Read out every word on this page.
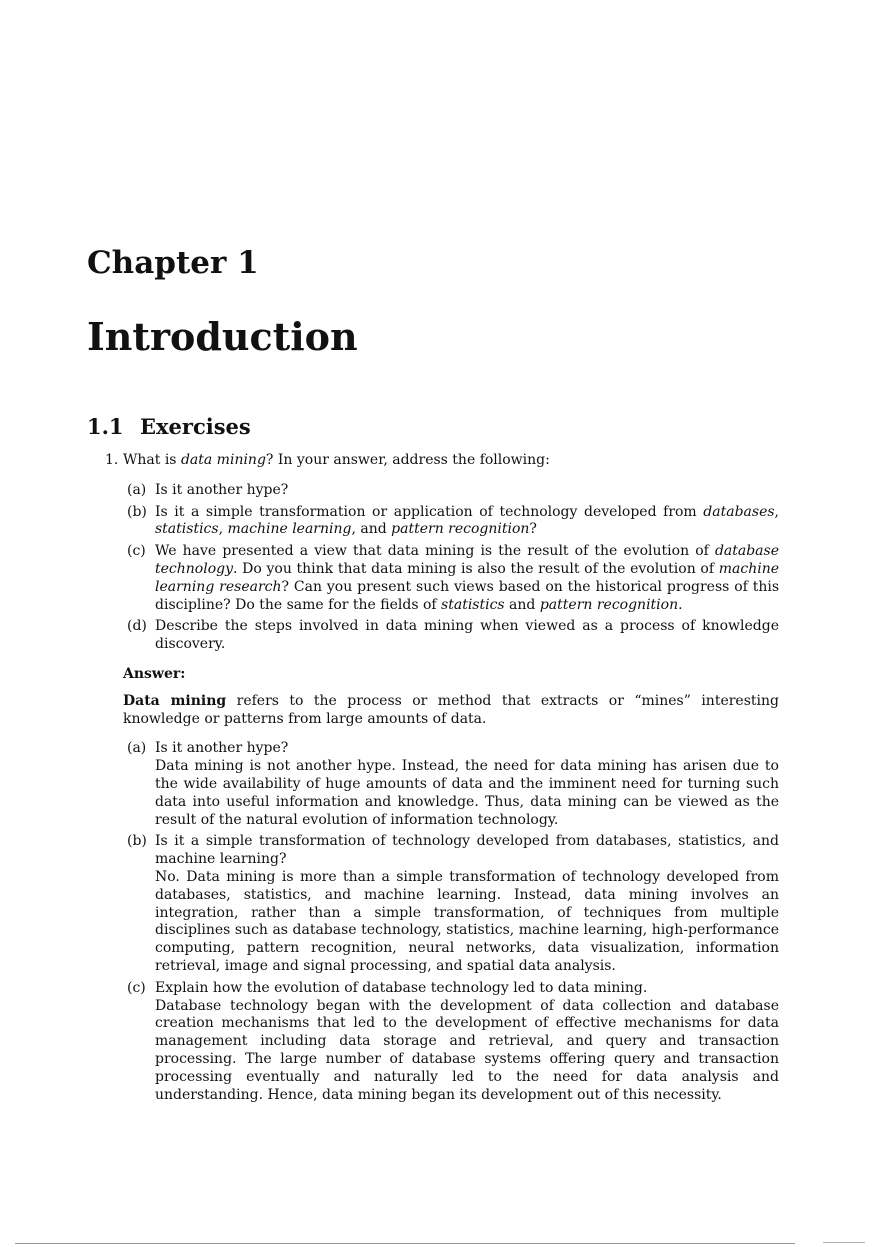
Chapter 1
Introduction
1.1 Exercises

1. What is data mining? In your answer, address the following:

(a) Is it another hype?

(b) Is it a simple transformation or application of technology developed from databases, statistics, machine learning, and pattern recognition?

(c) We have presented a view that data mining is the result of the evolution of database technology. Do you think that data mining is also the result of the evolution of machine learning research? Can you present such views based on the historical progress of this discipline? Do the same for the fields of statistics and pattern recognition.

(d) Describe the steps involved in data mining when viewed as a process of knowledge discovery.

Answer:

Data mining refers to the process or method that extracts or “mines” interesting knowledge or patterns from large amounts of data.

(a) Is it another hype?

Data mining is not another hype. Instead, the need for data mining has arisen due to the wide availability of huge amounts of data and the imminent need for turning such data into useful information and knowledge. Thus, data mining can be viewed as the result of the natural evolution of information technology.

(b) Is it a simple transformation of technology developed from databases, statistics, and machine learning?

No. Data mining is more than a simple transformation of technology developed from databases, statistics, and machine learning. Instead, data mining involves an integration, rather than a simple transformation, of techniques from multiple disciplines such as database technology, statistics, machine learning, high-performance computing, pattern recognition, neural networks, data visualization, information retrieval, image and signal processing, and spatial data analysis.

(c) Explain how the evolution of database technology led to data mining.

Database technology began with the development of data collection and database creation mechanisms that led to the development of effective mechanisms for data management including data storage and retrieval, and query and transaction processing. The large number of database systems offering query and transaction processing eventually and naturally led to the need for data analysis and understanding. Hence, data mining began its development out of this necessity.
